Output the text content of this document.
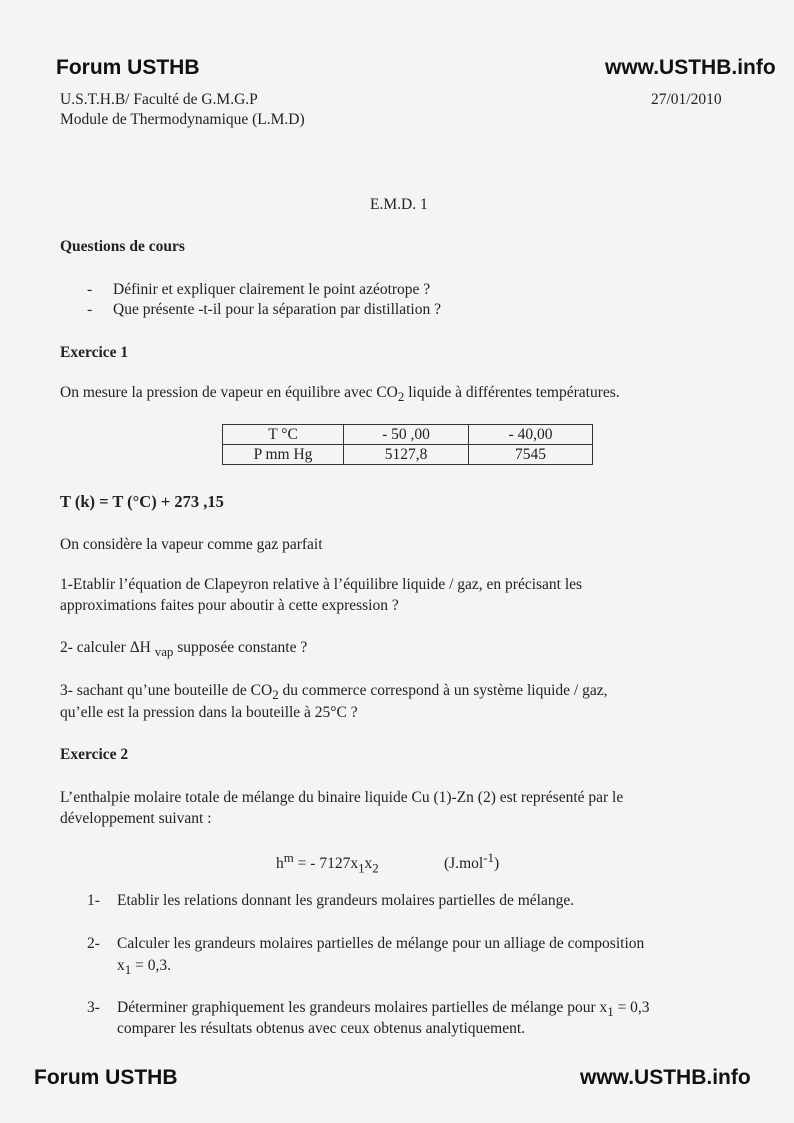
Forum USTHB	www.USTHB.info
U.S.T.H.B/ Faculté de G.M.G.P
Module de Thermodynamique (L.M.D)
27/01/2010
E.M.D. 1
Questions de cours
- Définir et expliquer clairement le point azéotrope ?
- Que présente -t-il pour la séparation par distillation ?
Exercice 1
On mesure la pression de vapeur en équilibre avec $CO_2$ liquide à différentes températures.
T °C	- 50 ,00	- 40,00
P mm Hg	5127,8	7545
T (k) = T (°C) + 273 ,15
On considère la vapeur comme gaz parfait
1-Etablir l’équation de Clapeyron relative à l’équilibre liquide / gaz, en précisant les
approximations faites pour aboutir à cette expression ?
2- calculer ΔH $_{vap}$ supposée constante ?
3- sachant qu’une bouteille de $CO_2$ du commerce correspond à un système liquide / gaz,
qu’elle est la pression dans la bouteille à 25°C ?
Exercice 2
L’enthalpie molaire totale de mélange du binaire liquide Cu (1)-Zn (2) est représenté par le
développement suivant :
$h^m$ = - $7127x_1x_2$	(J.mol$^{-1}$)
1- Etablir les relations donnant les grandeurs molaires partielles de mélange.
2- Calculer les grandeurs molaires partielles de mélange pour un alliage de composition
$x_1 = 0,3$.
3- Déterminer graphiquement les grandeurs molaires partielles de mélange pour $x_1 = 0,3$
comparer les résultats obtenus avec ceux obtenus analytiquement.
Forum USTHB	www.USTHB.info
